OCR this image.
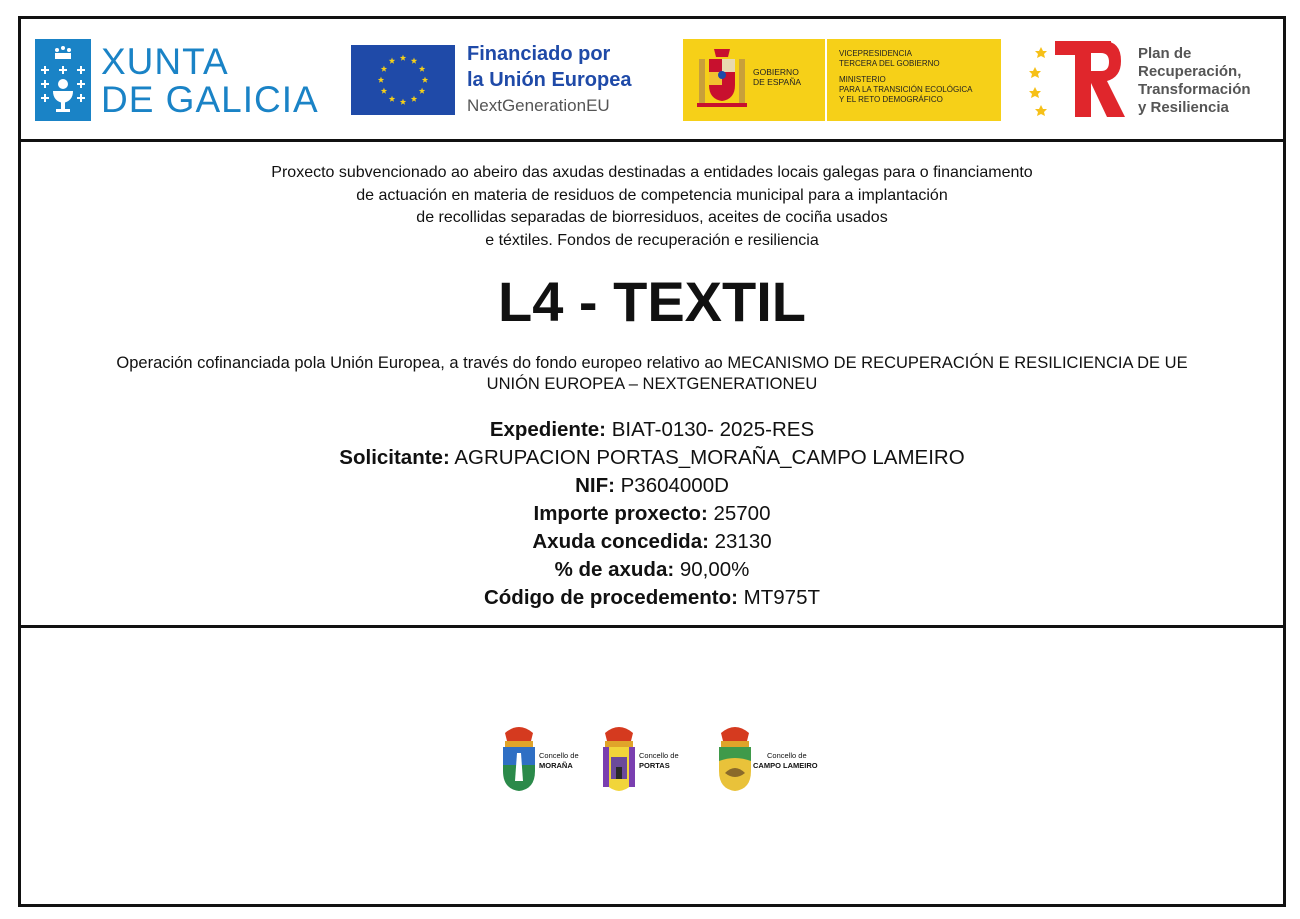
XUNTA
DE GALICIA
Financiado por
la Unión Europea
NextGenerationEU
GOBIERNO
DE ESPAÑA
VICEPRESIDENCIA
TERCERA DEL GOBIERNO
MINISTERIO
PARA LA TRANSICIÓN ECOLÓGICA
Y EL RETO DEMOGRÁFICO
Plan de
Recuperación,
Transformación
y Resiliencia
Proxecto subvencionado ao abeiro das axudas destinadas a entidades locais galegas para o financiamento
de actuación en materia de residuos de competencia municipal para a implantación
de recollidas separadas de biorresiduos, aceites de cociña usados
e téxtiles. Fondos de recuperación e resiliencia
L4 - TEXTIL
Operación cofinanciada pola Unión Europea, a través do fondo europeo relativo ao MECANISMO DE RECUPERACIÓN E RESILICIENCIA DE UE
UNIÓN EUROPEA – NEXTGENERATIONEU
Expediente: BIAT-0130- 2025-RES
Solicitante: AGRUPACION PORTAS_MORAÑA_CAMPO LAMEIRO
NIF: P3604000D
Importe proxecto: 25700
Axuda concedida: 23130
% de axuda: 90,00%
Código de procedemento: MT975T
Concello de
MORAÑA
Concello de
PORTAS
Concello de
CAMPO LAMEIRO
